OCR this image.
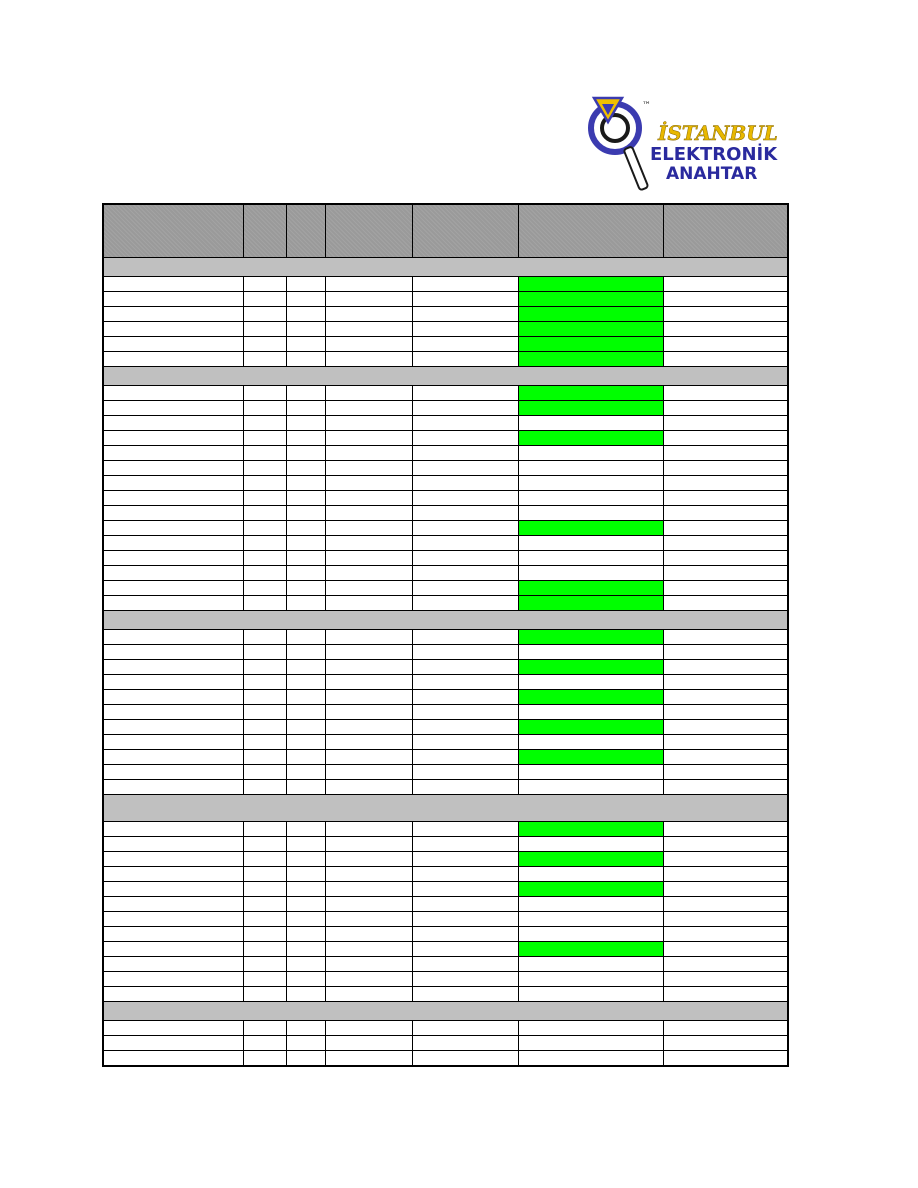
™
İSTANBUL
ELEKTRONİK
ANAHTAR
